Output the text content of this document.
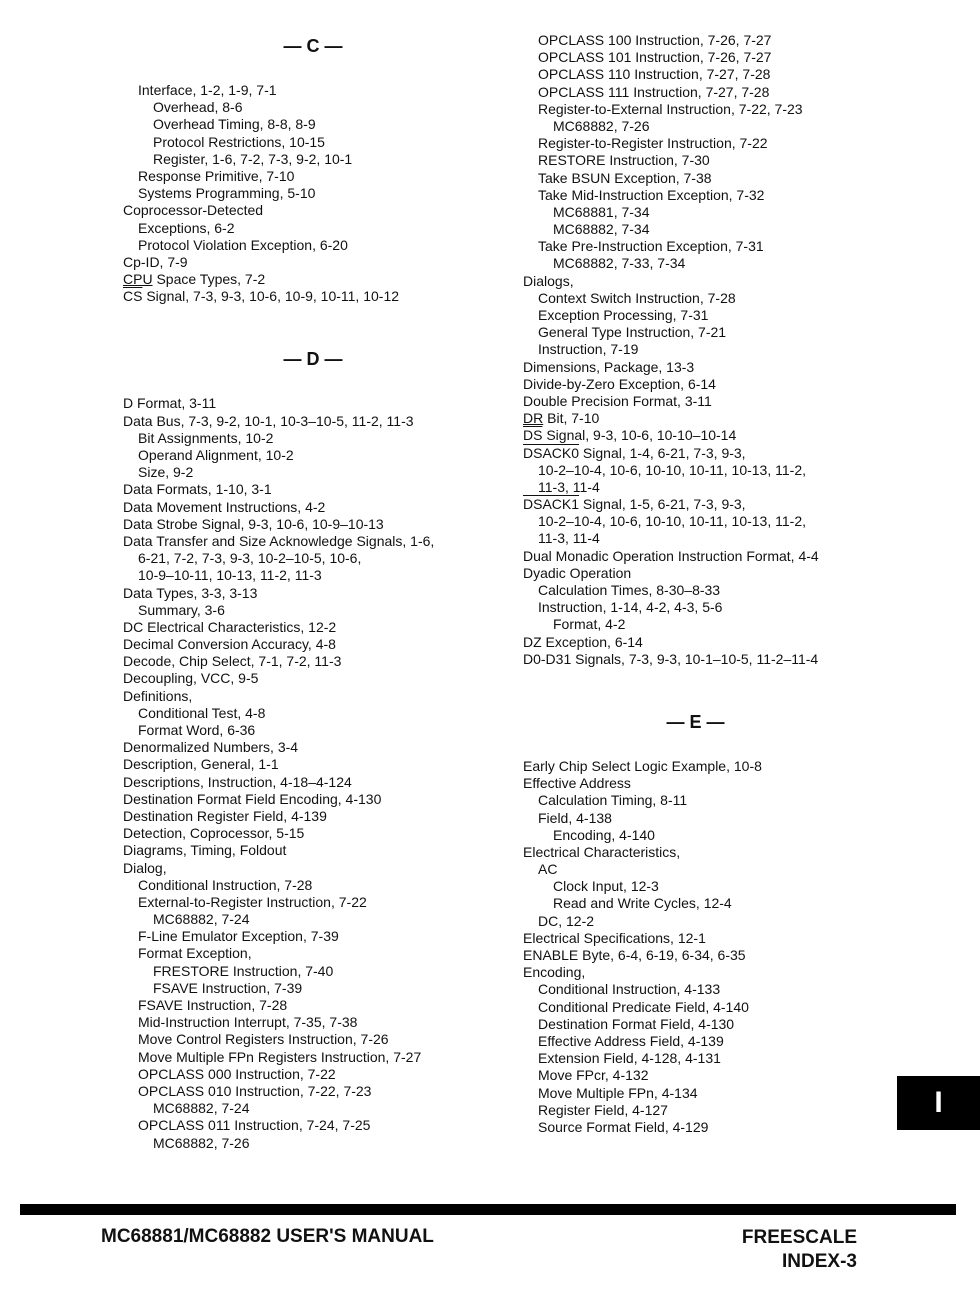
— C —
Interface, 1-2, 1-9, 7-1
Overhead, 8-6
Overhead Timing, 8-8, 8-9
Protocol Restrictions, 10-15
Register, 1-6, 7-2, 7-3, 9-2, 10-1
Response Primitive, 7-10
Systems Programming, 5-10
Coprocessor-Detected
Exceptions, 6-2
Protocol Violation Exception, 6-20
Cp-ID, 7-9
CPU Space Types, 7-2
$\overline{CS}$ Signal, 7-3, 9-3, 10-6, 10-9, 10-11, 10-12
— D —
D Format, 3-11
Data Bus, 7-3, 9-2, 10-1, 10-3–10-5, 11-2, 11-3
Bit Assignments, 10-2
Operand Alignment, 10-2
Size, 9-2
Data Formats, 1-10, 3-1
Data Movement Instructions, 4-2
Data Strobe Signal, 9-3, 10-6, 10-9–10-13
Data Transfer and Size Acknowledge Signals, 1-6,
6-21, 7-2, 7-3, 9-3, 10-2–10-5, 10-6,
10-9–10-11, 10-13, 11-2, 11-3
Data Types, 3-3, 3-13
Summary, 3-6
DC Electrical Characteristics, 12-2
Decimal Conversion Accuracy, 4-8
Decode, Chip Select, 7-1, 7-2, 11-3
Decoupling, VCC, 9-5
Definitions,
Conditional Test, 4-8
Format Word, 6-36
Denormalized Numbers, 3-4
Description, General, 1-1
Descriptions, Instruction, 4-18–4-124
Destination Format Field Encoding, 4-130
Destination Register Field, 4-139
Detection, Coprocessor, 5-15
Diagrams, Timing, Foldout
Dialog,
Conditional Instruction, 7-28
External-to-Register Instruction, 7-22
MC68882, 7-24
F-Line Emulator Exception, 7-39
Format Exception,
FRESTORE Instruction, 7-40
FSAVE Instruction, 7-39
FSAVE Instruction, 7-28
Mid-Instruction Interrupt, 7-35, 7-38
Move Control Registers Instruction, 7-26
Move Multiple FPn Registers Instruction, 7-27
OPCLASS 000 Instruction, 7-22
OPCLASS 010 Instruction, 7-22, 7-23
MC68882, 7-24
OPCLASS 011 Instruction, 7-24, 7-25
MC68882, 7-26
OPCLASS 100 Instruction, 7-26, 7-27
OPCLASS 101 Instruction, 7-26, 7-27
OPCLASS 110 Instruction, 7-27, 7-28
OPCLASS 111 Instruction, 7-27, 7-28
Register-to-External Instruction, 7-22, 7-23
MC68882, 7-26
Register-to-Register Instruction, 7-22
RESTORE Instruction, 7-30
Take BSUN Exception, 7-38
Take Mid-Instruction Exception, 7-32
MC68881, 7-34
MC68882, 7-34
Take Pre-Instruction Exception, 7-31
MC68882, 7-33, 7-34
Dialogs,
Context Switch Instruction, 7-28
Exception Processing, 7-31
General Type Instruction, 7-21
Instruction, 7-19
Dimensions, Package, 13-3
Divide-by-Zero Exception, 6-14
Double Precision Format, 3-11
DR Bit, 7-10
$\overline{DS}$ Signal, 9-3, 10-6, 10-10–10-14
DSACK0 Signal, 1-4, 6-21, 7-3, 9-3,
10-2–10-4, 10-6, 10-10, 10-11, 10-13, 11-2,
11-3, 11-4
DSACK1 Signal, 1-5, 6-21, 7-3, 9-3,
10-2–10-4, 10-6, 10-10, 10-11, 10-13, 11-2,
11-3, 11-4
Dual Monadic Operation Instruction Format, 4-4
Dyadic Operation
Calculation Times, 8-30–8-33
Instruction, 1-14, 4-2, 4-3, 5-6
Format, 4-2
DZ Exception, 6-14
D0-D31 Signals, 7-3, 9-3, 10-1–10-5, 11-2–11-4
— E —
Early Chip Select Logic Example, 10-8
Effective Address
Calculation Timing, 8-11
Field, 4-138
Encoding, 4-140
Electrical Characteristics,
AC
Clock Input, 12-3
Read and Write Cycles, 12-4
DC, 12-2
Electrical Specifications, 12-1
ENABLE Byte, 6-4, 6-19, 6-34, 6-35
Encoding,
Conditional Instruction, 4-133
Conditional Predicate Field, 4-140
Destination Format Field, 4-130
Effective Address Field, 4-139
Extension Field, 4-128, 4-131
Move FPcr, 4-132
Move Multiple FPn, 4-134
Register Field, 4-127
Source Format Field, 4-129
I
MC68881/MC68882 USER'S MANUAL	FREESCALE
INDEX-3
